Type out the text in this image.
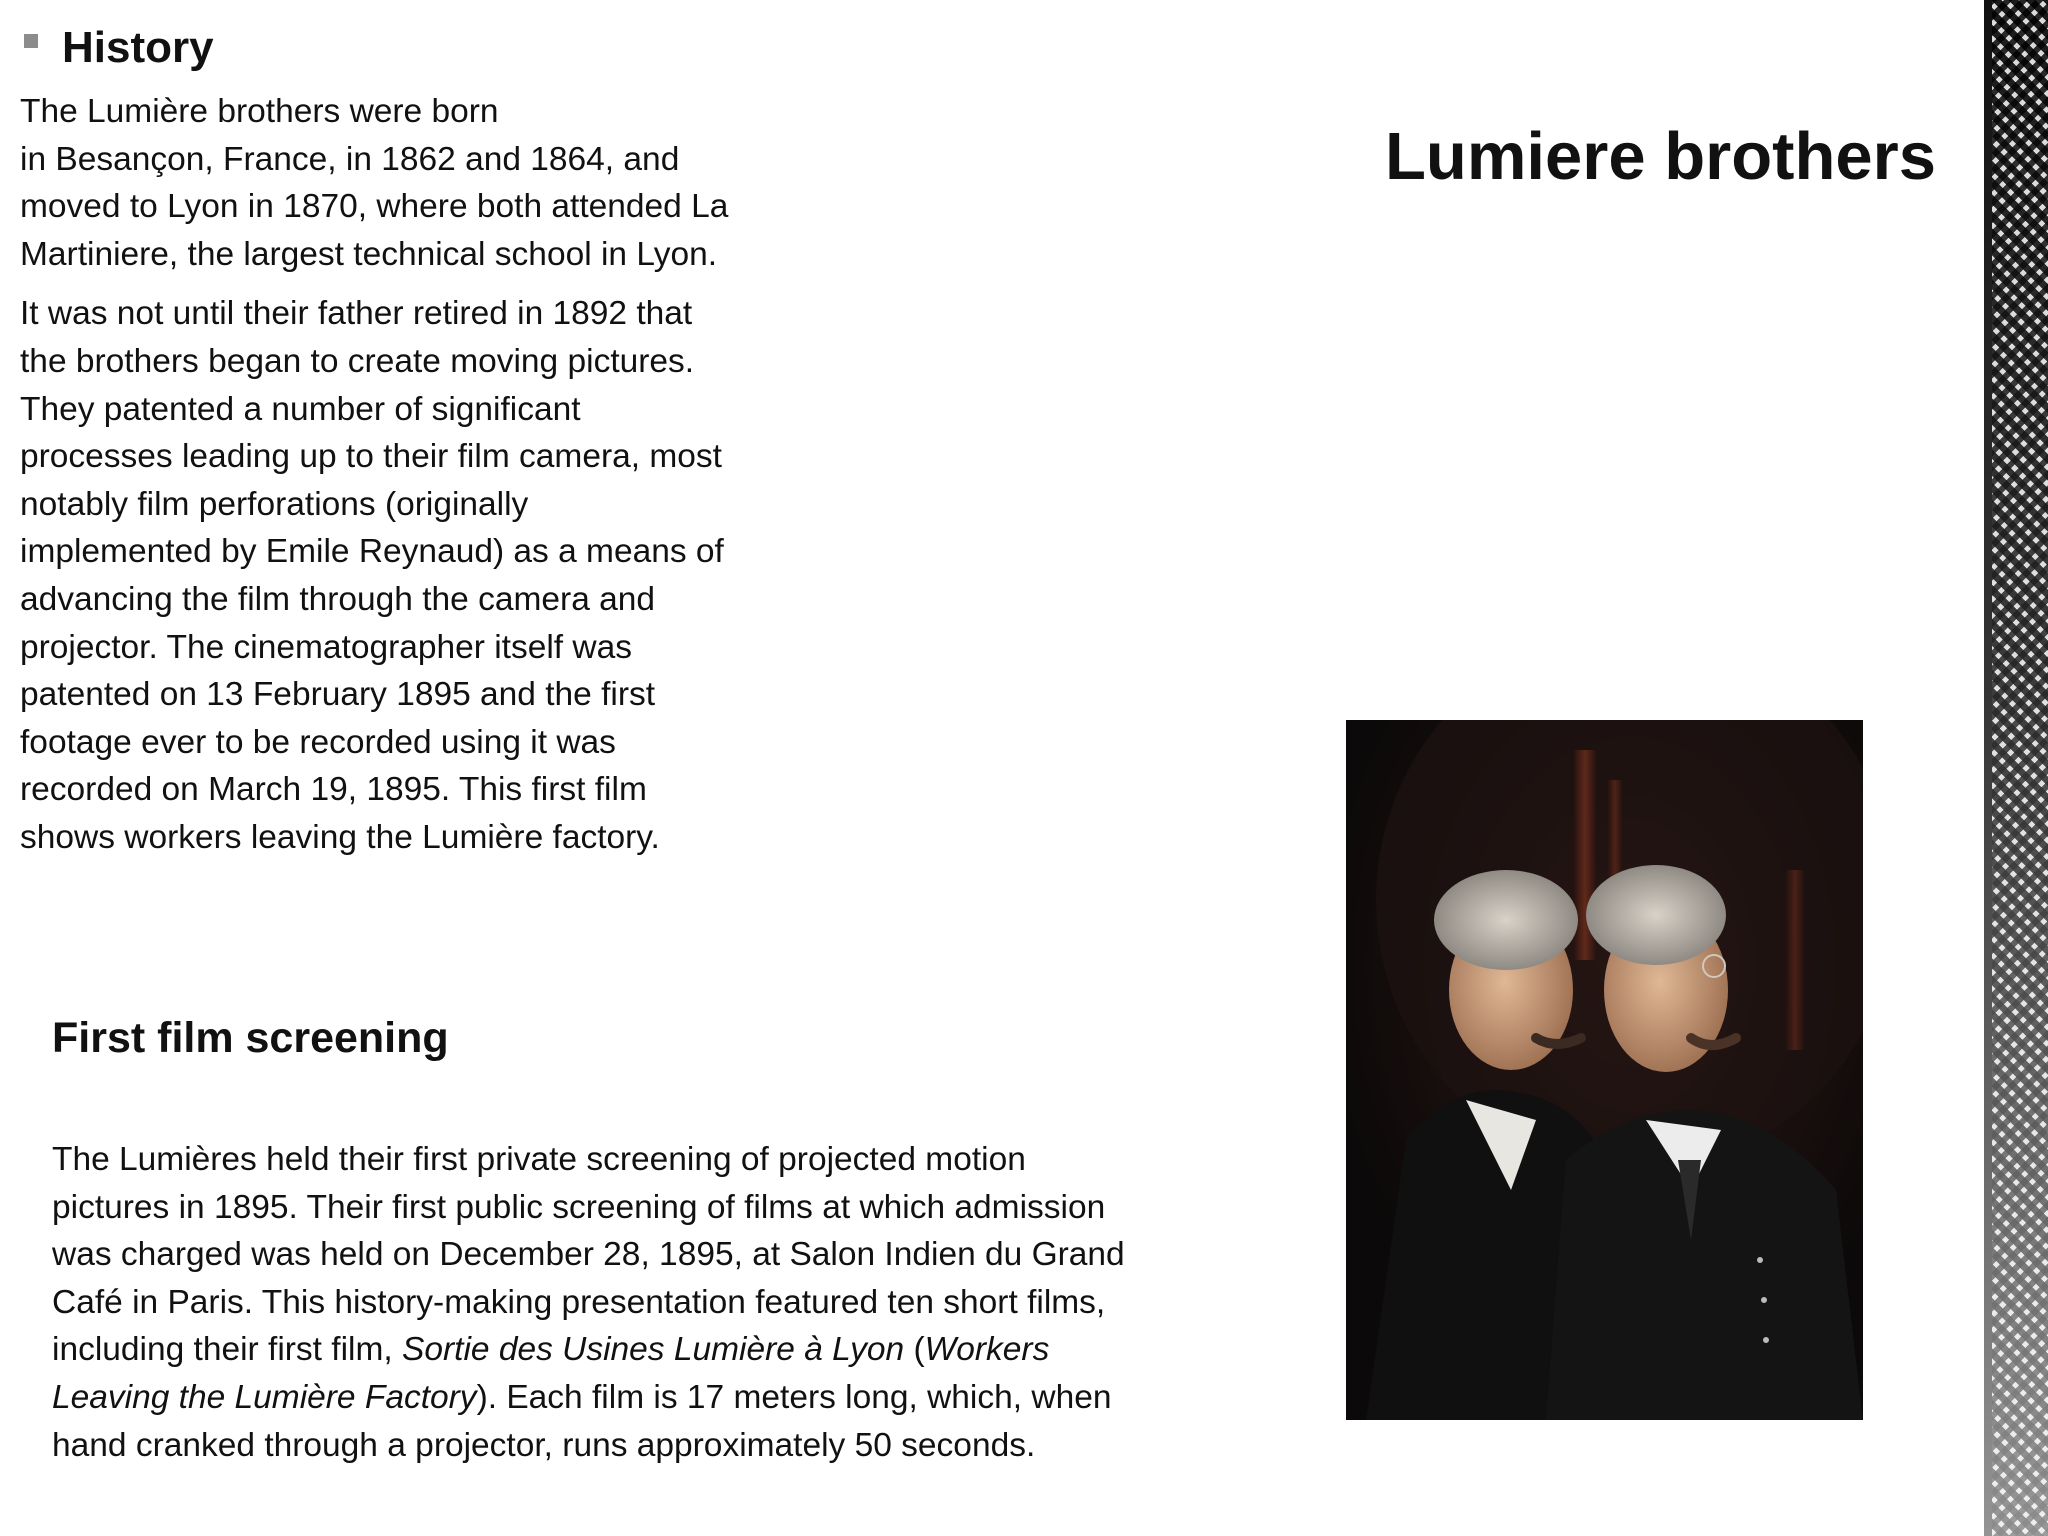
History

The Lumière brothers were born
in Besançon, France, in 1862 and 1864, and
moved to Lyon in 1870, where both attended La
Martiniere, the largest technical school in Lyon.

It was not until their father retired in 1892 that
the brothers began to create moving pictures.
They patented a number of significant
processes leading up to their film camera, most
notably film perforations (originally
implemented by Emile Reynaud) as a means of
advancing the film through the camera and
projector. The cinematographer itself was
patented on 13 February 1895 and the first
footage ever to be recorded using it was
recorded on March 19, 1895. This first film
shows workers leaving the Lumière factory.

Lumiere brothers
First film screening

The Lumières held their first private screening of projected motion
pictures in 1895. Their first public screening of films at which admission
was charged was held on December 28, 1895, at Salon Indien du Grand
Café in Paris. This history-making presentation featured ten short films,
including their first film, Sortie des Usines Lumière à Lyon (Workers
Leaving the Lumière Factory). Each film is 17 meters long, which, when
hand cranked through a projector, runs approximately 50 seconds.
